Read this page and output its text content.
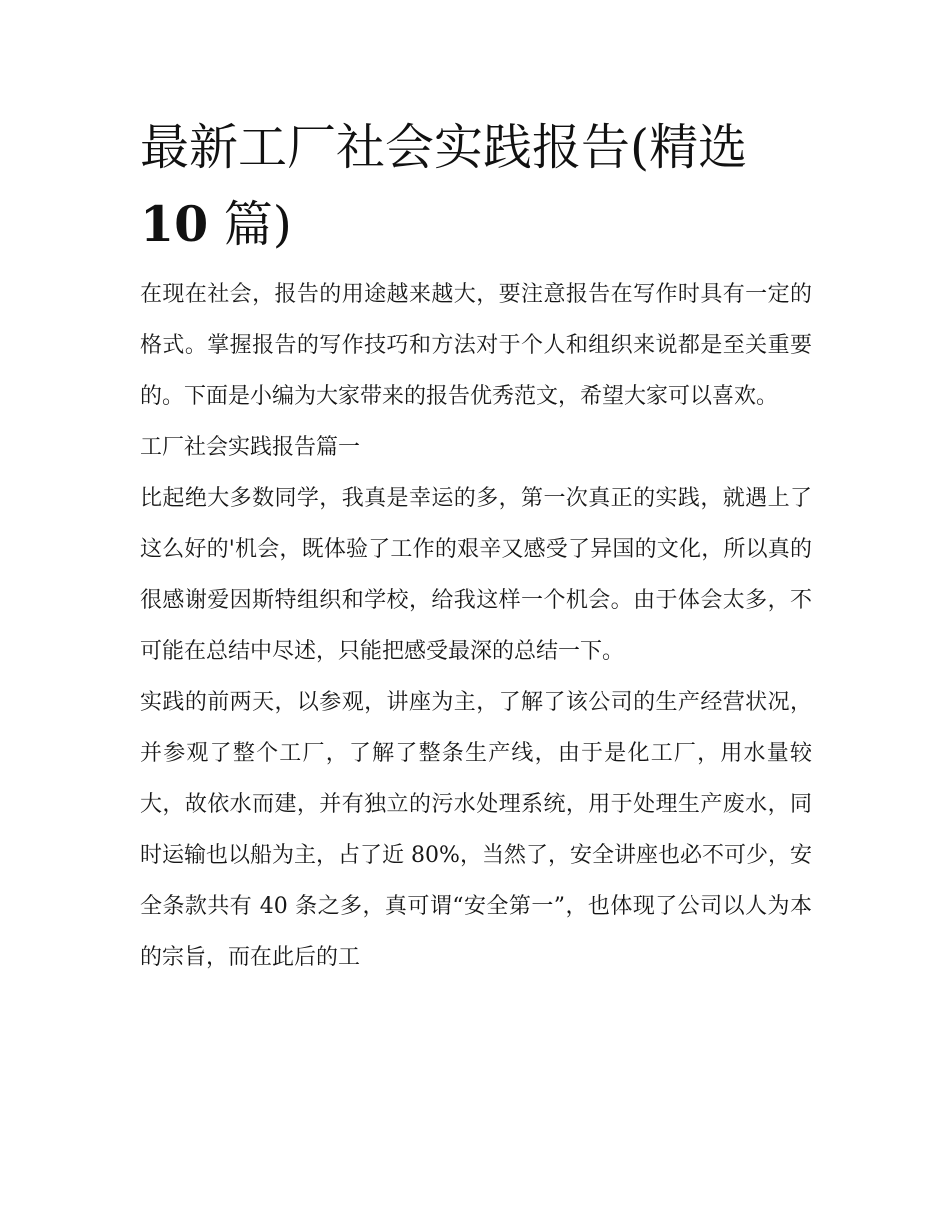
最新工厂社会实践报告(精选
10 篇)

在现在社会，报告的用途越来越大，要注意报告在写作时具有一定的格式。掌握报告的写作技巧和方法对于个人和组织来说都是至关重要的。下面是小编为大家带来的报告优秀范文，希望大家可以喜欢。

工厂社会实践报告篇一

比起绝大多数同学，我真是幸运的多，第一次真正的实践，就遇上了这么好的'机会，既体验了工作的艰辛又感受了异国的文化，所以真的很感谢爱因斯特组织和学校，给我这样一个机会。由于体会太多，不可能在总结中尽述，只能把感受最深的总结一下。

实践的前两天，以参观，讲座为主，了解了该公司的生产经营状况，并参观了整个工厂，了解了整条生产线，由于是化工厂，用水量较大，故依水而建，并有独立的污水处理系统，用于处理生产废水，同时运输也以船为主，占了近 80%，当然了，安全讲座也必不可少，安全条款共有 40 条之多，真可谓“安全第一”，也体现了公司以人为本的宗旨，而在此后的工
